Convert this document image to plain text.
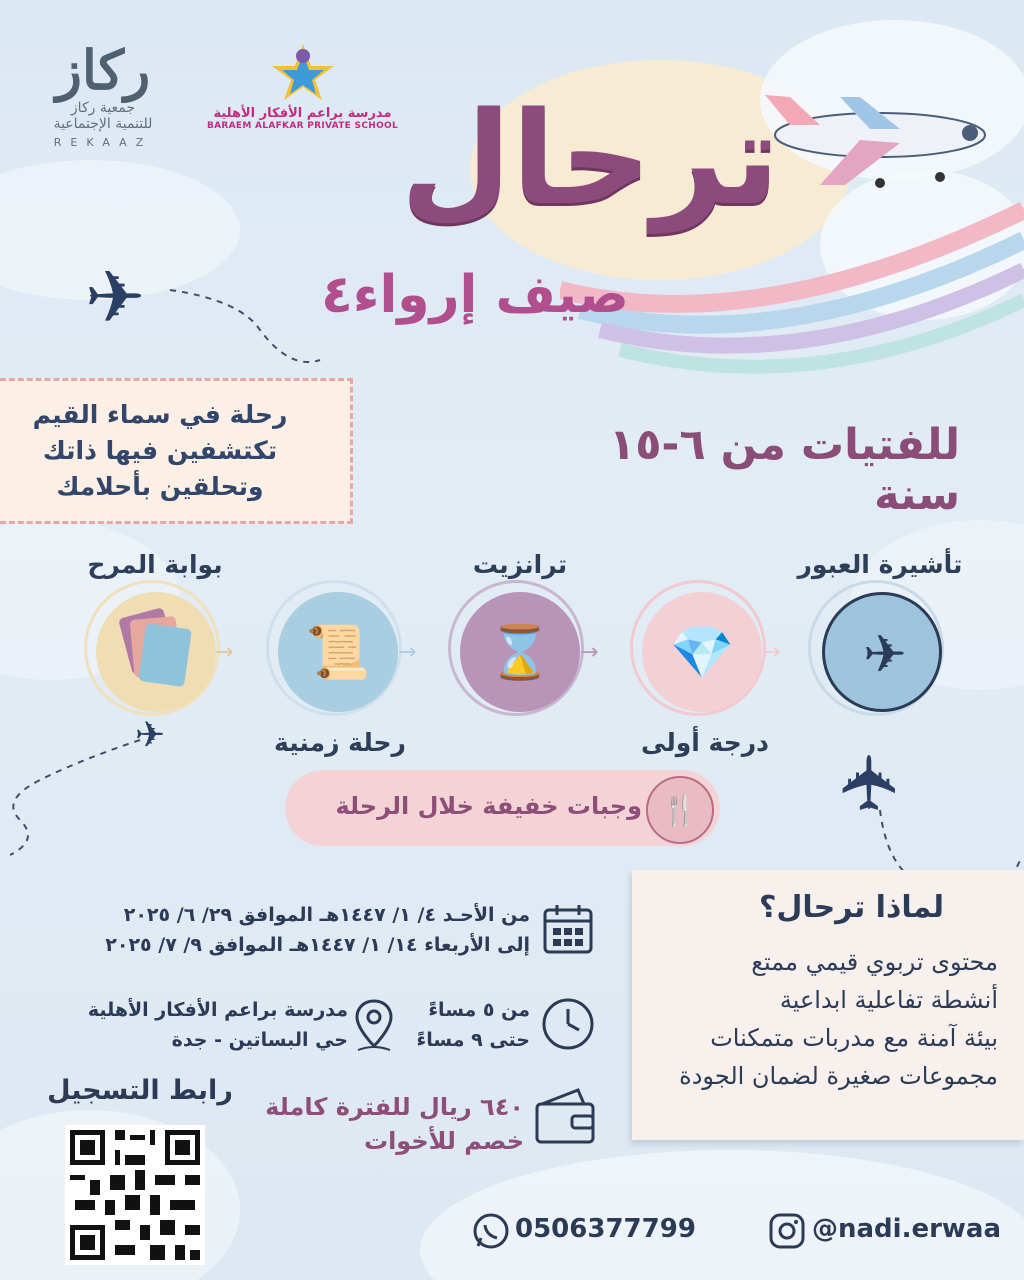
ركاز
جمعية ركاز
للتنمية الإجتماعية
REKAAZ
مدرسة براعم الأفكار الأهلية
BARAEM ALAFKAR PRIVATE SCHOOL ترحال
صيف إرواء٤
✈
✈
✈
رحلة في سماء القيم
تكتشفين فيها ذاتك
وتحلقين بأحلامك
للفتيات من ٦-١٥ سنة
✈
تأشيرة العبور
💎
درجة أولى
⌛
ترانزيت
📜
رحلة زمنية
بوابة المرح
→	→	→	→
🍴
وجبات خفيفة خلال الرحلة
من الأحـد ٤/ ١/ ١٤٤٧هـ الموافق ٢٩/ ٦/ ٢٠٢٥
إلى الأربعاء ١٤/ ١/ ١٤٤٧هـ الموافق ٩/ ٧/ ٢٠٢٥
من ٥ مساءً
حتى ٩ مساءً
مدرسة براعم الأفكار الأهلية
حي البساتين - جدة
٦٤٠ ريال للفترة كاملة
خصم للأخوات
لماذا ترحال؟
محتوى تربوي قيمي ممتع
أنشطة تفاعلية ابداعية
بيئة آمنة مع مدربات متمكنات
مجموعات صغيرة لضمان الجودة
رابط التسجيل
0506377799	@nadi.erwaa
